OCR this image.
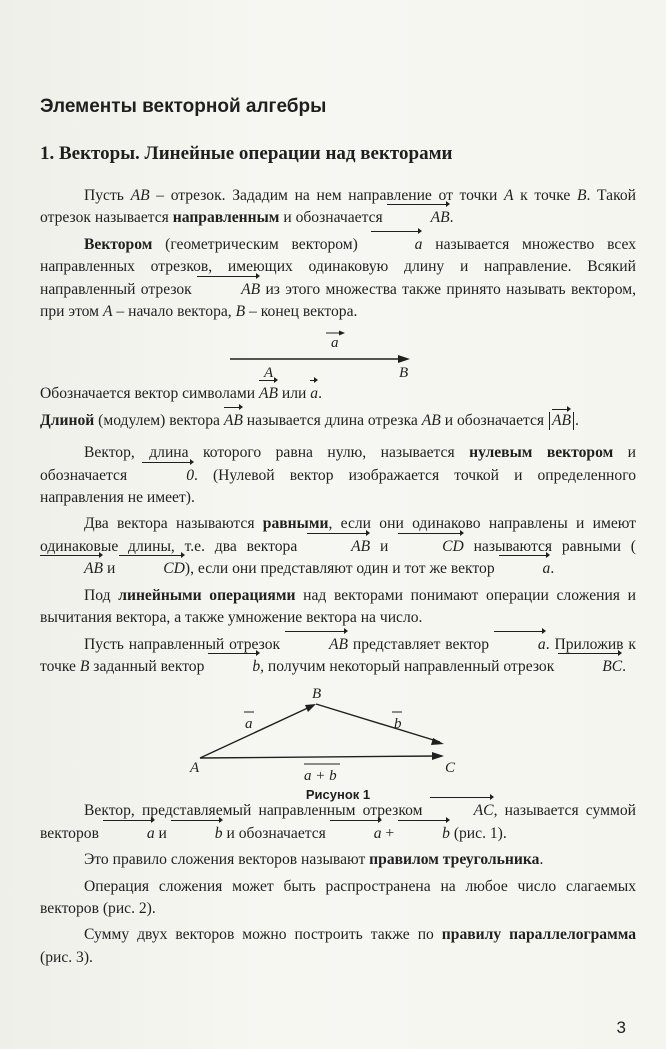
Элементы векторной алгебры
1. Векторы. Линейные операции над векторами

Пусть AB – отрезок. Зададим на нем направление от точки A к точке B. Такой отрезок называется направленным и обозначается	AB.

Вектором (геометрическим вектором)	a называется множество всех направленных отрезков, имеющих одинаковую длину и направление. Всякий направленный отрезок	AB из этого множества также принято называть вектором, при этом A – начало вектора, B – конец вектора.

a
A	B

Обозначается вектор символами AB или a.

Длиной (модулем) вектора AB называется длина отрезка AB и обозначается AB .

Вектор, длина которого равна нулю, называется нулевым вектором и обозначается	0. (Нулевой вектор изображается точкой и определенного направления не имеет).

Два вектора называются равными, если они одинаково направлены и имеют одинаковые длины, т.е. два вектора	AB и	CD называются равными (AB и	CD), если они представляют один и тот же вектор	a.

Под линейными операциями над векторами понимают операции сложения и вычитания вектора, а также умножение вектора на число.

Пусть направленный отрезок	AB представляет вектор	a. Приложив к точке B заданный вектор	b, получим некоторый направленный отрезок	BC.

A
B
C
a	b
a + b
Рисунок 1

Вектор, представляемый направленным отрезком	AC, называется суммой векторов	a и	b и обозначается	a +	b (рис. 1).

Это правило сложения векторов называют правилом треугольника.

Операция сложения может быть распространена на любое число слагаемых векторов (рис. 2).

Сумму двух векторов можно построить также по правилу параллелограмма (рис. 3).

3
